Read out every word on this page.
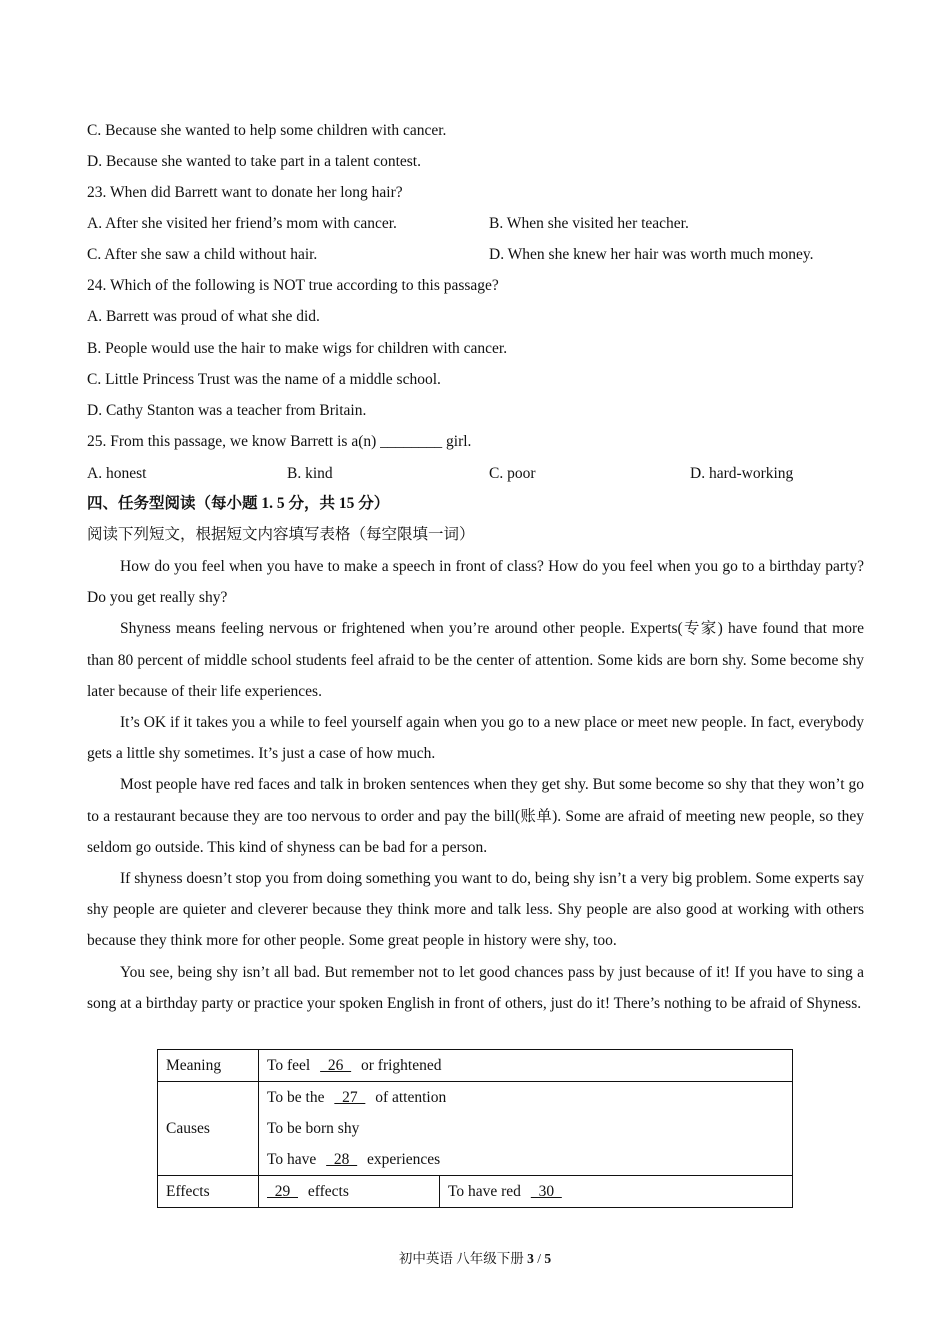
C. Because she wanted to help some children with cancer.
D. Because she wanted to take part in a talent contest.
23. When did Barrett want to donate her long hair?
A. After she visited her friend’s mom with cancer.	B. When she visited her teacher.
C. After she saw a child without hair.	D. When she knew her hair was worth much money.
24. Which of the following is NOT true according to this passage?
A. Barrett was proud of what she did.
B. People would use the hair to make wigs for children with cancer.
C. Little Princess Trust was the name of a middle school.
D. Cathy Stanton was a teacher from Britain.
25. From this passage, we know Barrett is a(n) ________ girl.
A. honest	B. kind	C. poor	D. hard-working
四、任务型阅读（每小题 1. 5 分，共 15 分）
阅读下列短文，根据短文内容填写表格（每空限填一词）

How do you feel when you have to make a speech in front of class? How do you feel when you go to a birthday party? Do you get really shy?

Shyness means feeling nervous or frightened when you’re around other people. Experts(专家) have found that more than 80 percent of middle school students feel afraid to be the center of attention. Some kids are born shy. Some become shy later because of their life experiences.

It’s OK if it takes you a while to feel yourself again when you go to a new place or meet new people. In fact, everybody gets a little shy sometimes. It’s just a case of how much.

Most people have red faces and talk in broken sentences when they get shy. But some become so shy that they won’t go to a restaurant because they are too nervous to order and pay the bill(账单). Some are afraid of meeting new people, so they seldom go outside. This kind of shyness can be bad for a person.

If shyness doesn’t stop you from doing something you want to do, being shy isn’t a very big problem. Some experts say shy people are quieter and cleverer because they think more and talk less. Shy people are also good at working with others because they think more for other people. Some great people in history were shy, too.

You see, being shy isn’t all bad. But remember not to let good chances pass by just because of it! If you have to sing a song at a birthday party or practice your spoken English in front of others, just do it! There’s nothing to be afraid of Shyness.

Meaning	To feel   26   or frightened	
Causes	To be the   27   of attention
To be born shy
To have   28   experiences	

Effects	29   effects	To have red   30
初中英语 八年级下册 3 / 5
